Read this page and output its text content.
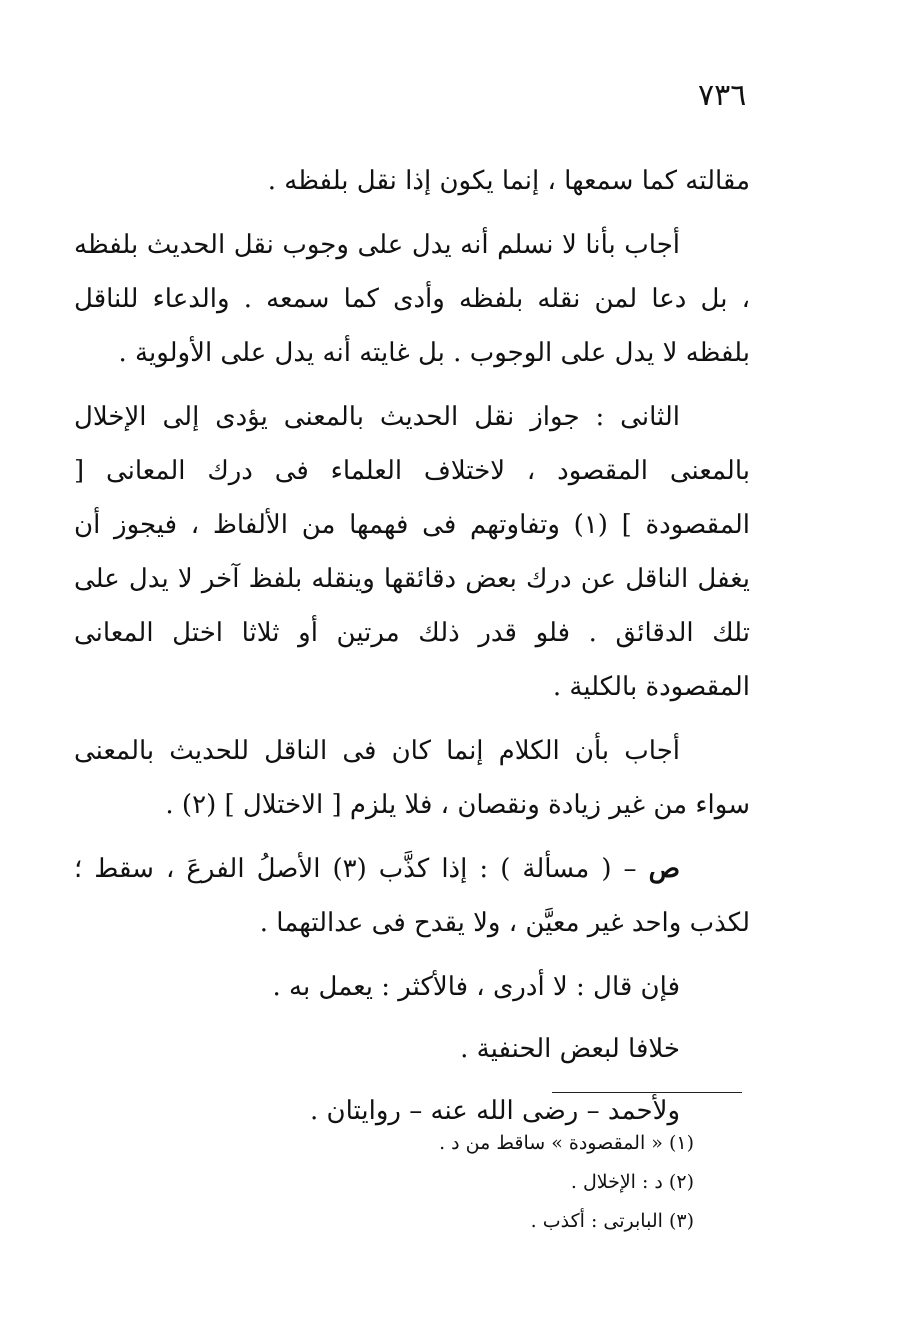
٧٣٦

مقالته كما سمعها ، إنما يكون إذا نقل بلفظه .

أجاب بأنا لا نسلم أنه يدل على وجوب نقل الحديث بلفظه ، بل دعا لمن نقله بلفظه وأدى كما سمعه . والدعاء للناقل بلفظه لا يدل على الوجوب . بل غايته أنه يدل على الأولوية .

الثانى : جواز نقل الحديث بالمعنى يؤدى إلى الإخلال بالمعنى المقصود ، لاختلاف العلماء فى درك المعانى [ المقصودة ] (١) وتفاوتهم فى فهمها من الألفاظ ، فيجوز أن يغفل الناقل عن درك بعض دقائقها وينقله بلفظ آخر لا يدل على تلك الدقائق . فلو قدر ذلك مرتين أو ثلاثا اختل المعانى المقصودة بالكلية .

أجاب بأن الكلام إنما كان فى الناقل للحديث بالمعنى سواء من غير زيادة ونقصان ، فلا يلزم [ الاختلال ] (٢) .

ص – ( مسألة ) : إذا كذَّب (٣) الأصلُ الفرعَ ، سقط ؛ لكذب واحد غير معيَّن ، ولا يقدح فى عدالتهما .

فإن قال : لا أدرى ، فالأكثر : يعمل به .

خلافا لبعض الحنفية .

ولأحمد – رضى الله عنه – روايتان .

(١) « المقصودة » ساقط من د .
(٢) د : الإخلال .
(٣) البابرتى : أكذب .
